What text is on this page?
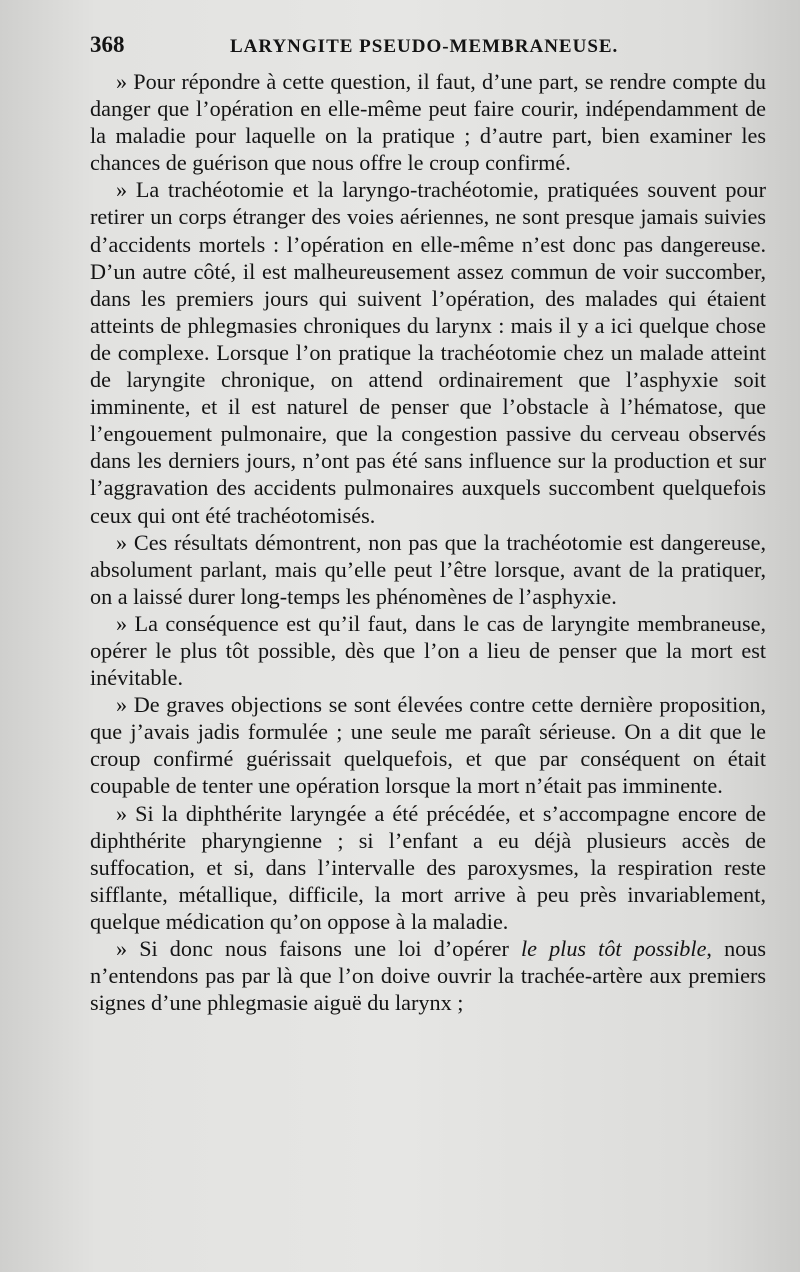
368	LARYNGITE PSEUDO-MEMBRANEUSE.

» Pour répondre à cette question, il faut, d’une part, se rendre compte du danger que l’opération en elle-même peut faire courir, indépendamment de la maladie pour laquelle on la pratique ; d’autre part, bien examiner les chances de guérison que nous offre le croup confirmé.

» La trachéotomie et la laryngo-trachéotomie, pratiquées souvent pour retirer un corps étranger des voies aériennes, ne sont presque jamais suivies d’accidents mortels : l’opération en elle-même n’est donc pas dangereuse. D’un autre côté, il est malheureusement assez commun de voir succomber, dans les premiers jours qui suivent l’opération, des malades qui étaient atteints de phlegmasies chroniques du larynx : mais il y a ici quelque chose de complexe. Lorsque l’on pratique la trachéotomie chez un malade atteint de laryngite chronique, on attend ordinairement que l’asphyxie soit imminente, et il est naturel de penser que l’obstacle à l’hématose, que l’engouement pulmonaire, que la congestion passive du cerveau observés dans les derniers jours, n’ont pas été sans influence sur la production et sur l’aggravation des accidents pulmonaires auxquels succombent quelquefois ceux qui ont été trachéotomisés.

» Ces résultats démontrent, non pas que la trachéotomie est dangereuse, absolument parlant, mais qu’elle peut l’être lorsque, avant de la pratiquer, on a laissé durer long-temps les phénomènes de l’asphyxie.

» La conséquence est qu’il faut, dans le cas de laryngite membraneuse, opérer le plus tôt possible, dès que l’on a lieu de penser que la mort est inévitable.

» De graves objections se sont élevées contre cette dernière proposition, que j’avais jadis formulée ; une seule me paraît sérieuse. On a dit que le croup confirmé guérissait quelquefois, et que par conséquent on était coupable de tenter une opération lorsque la mort n’était pas imminente.

» Si la diphthérite laryngée a été précédée, et s’accompagne encore de diphthérite pharyngienne ; si l’enfant a eu déjà plusieurs accès de suffocation, et si, dans l’intervalle des paroxysmes, la respiration reste sifflante, métallique, difficile, la mort arrive à peu près invariablement, quelque médication qu’on oppose à la maladie.

» Si donc nous faisons une loi d’opérer le plus tôt possible, nous n’entendons pas par là que l’on doive ouvrir la trachée-artère aux premiers signes d’une phlegmasie aiguë du larynx ;
